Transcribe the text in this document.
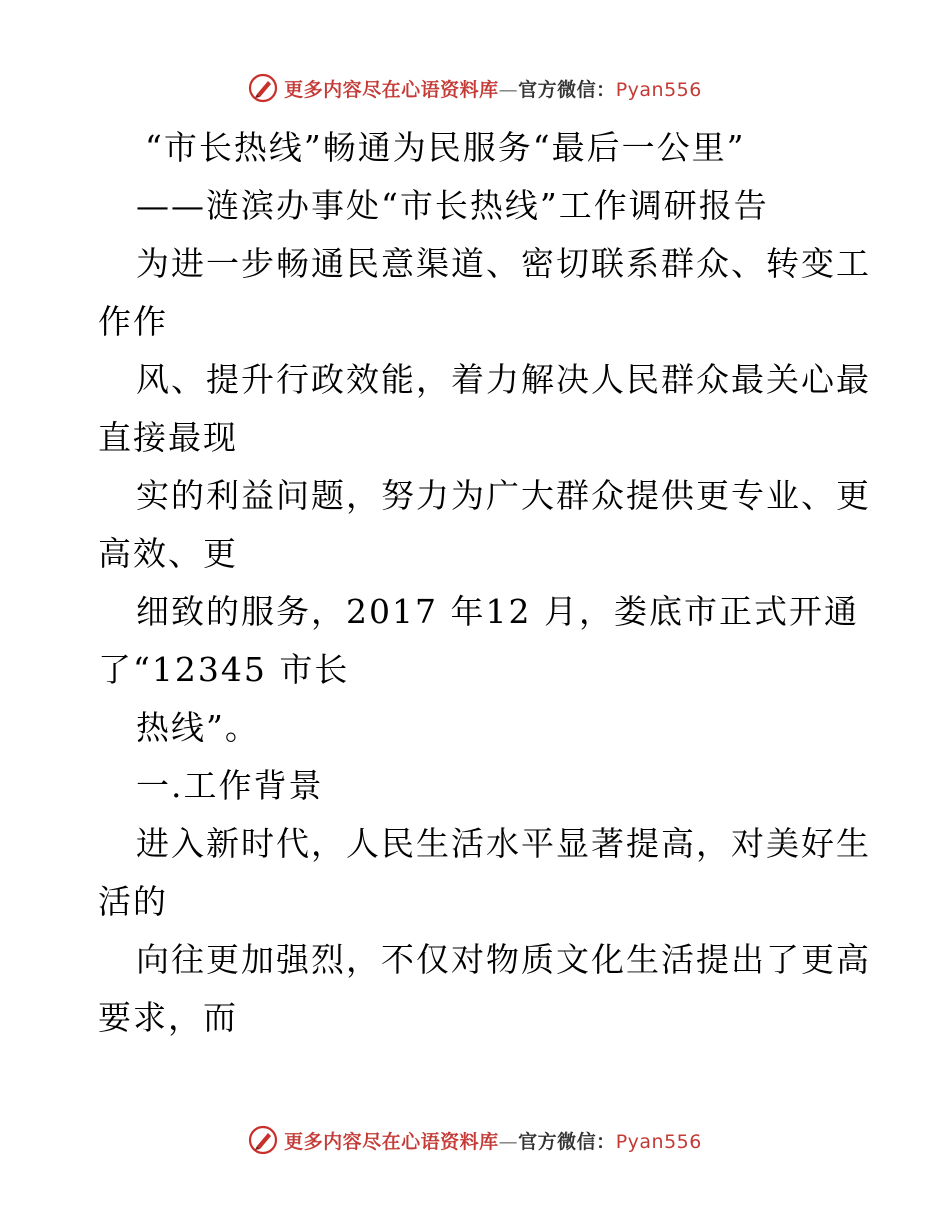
更多内容尽在心语资料库—官方微信：Pyan556

“市长热线”畅通为民服务“最后一公里”

——涟滨办事处“市长热线”工作调研报告

为进一步畅通民意渠道、密切联系群众、转变工

作作

风、提升行政效能，着力解决人民群众最关心最

直接最现

实的利益问题，努力为广大群众提供更专业、更

高效、更

细致的服务，2017 年12 月，娄底市正式开通

了“12345 市长

热线”。

一.工作背景

进入新时代，人民生活水平显著提高，对美好生

活的

向往更加强烈，不仅对物质文化生活提出了更高

要求，而

更多内容尽在心语资料库—官方微信：Pyan556
